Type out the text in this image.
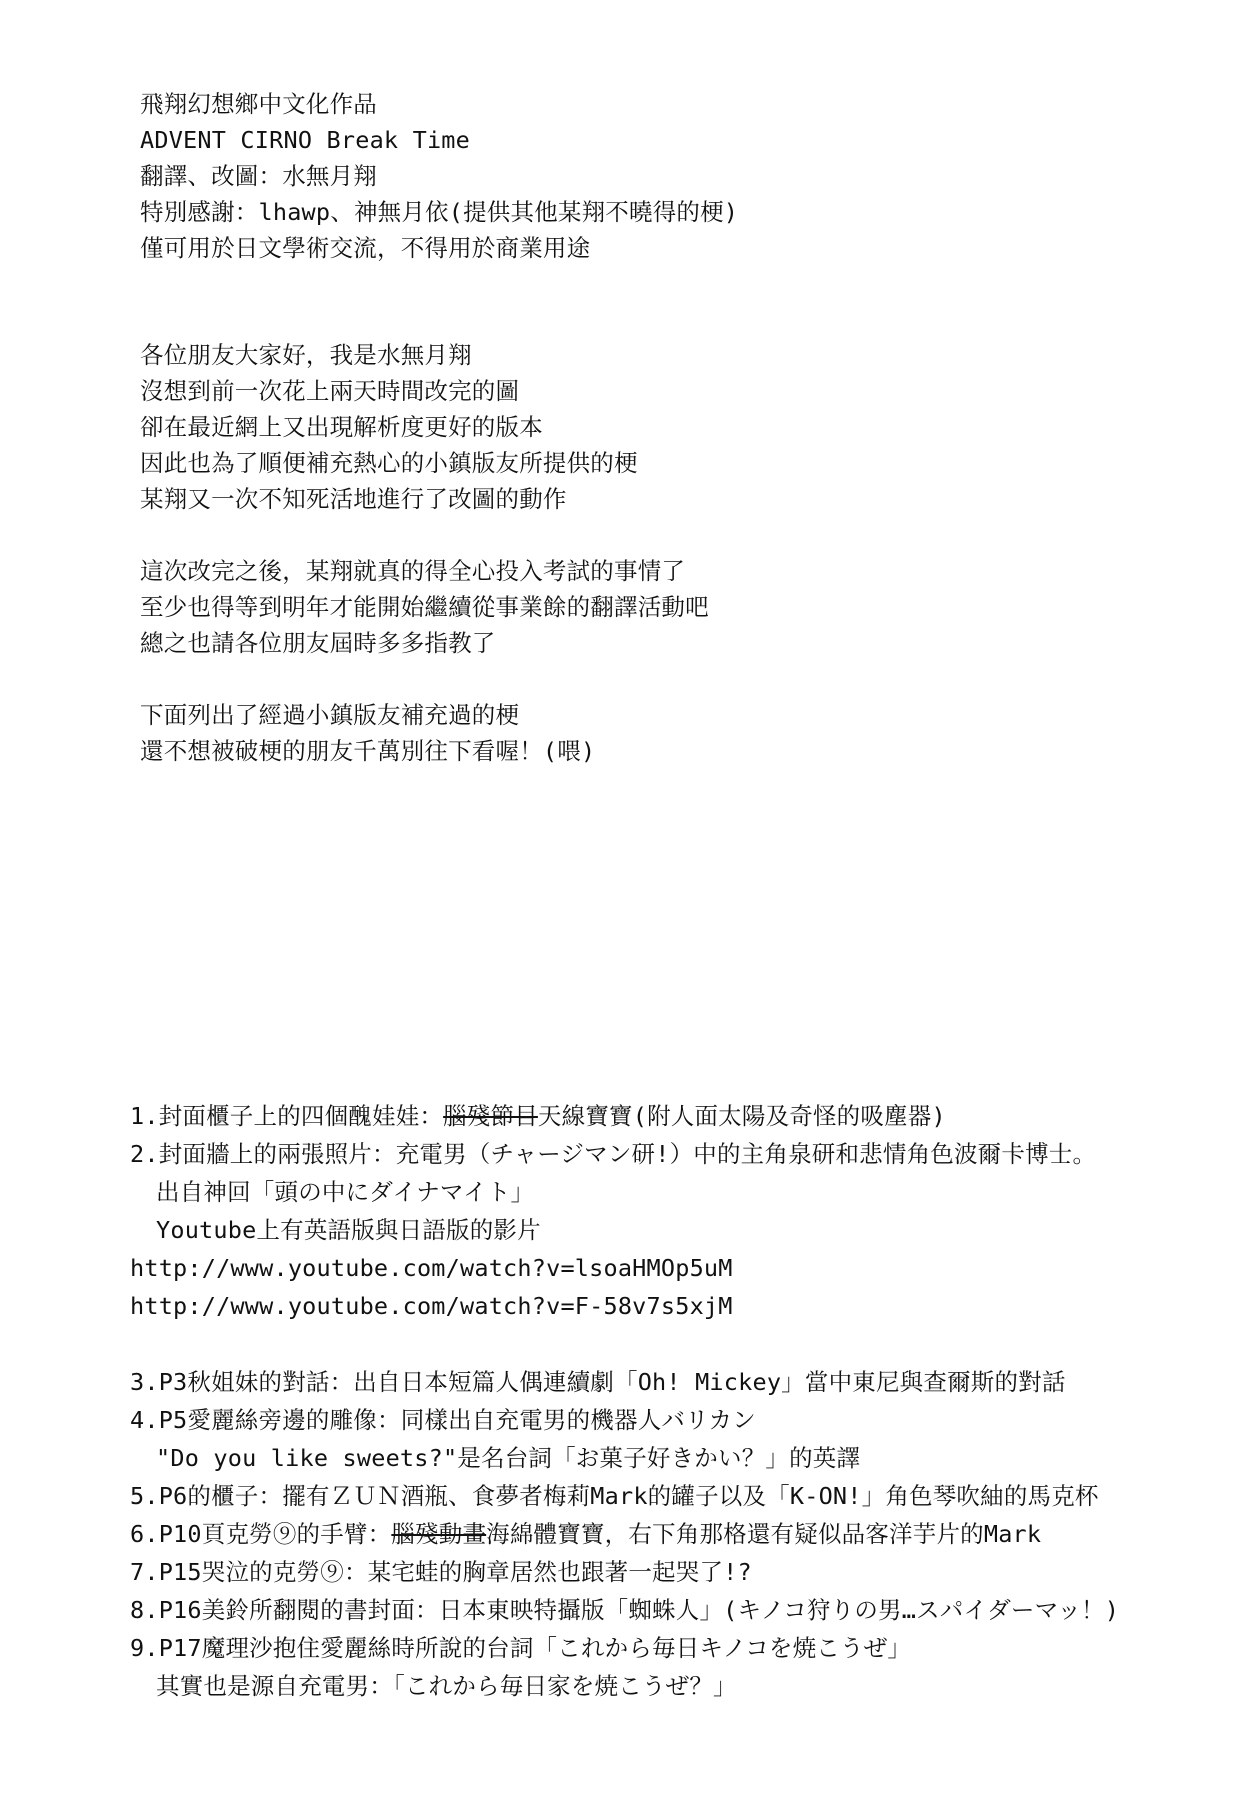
飛翔幻想鄉中文化作品
ADVENT CIRNO Break Time
翻譯、改圖：水無月翔
特別感謝：lhawp、神無月依(提供其他某翔不曉得的梗)
僅可用於日文學術交流，不得用於商業用途
各位朋友大家好，我是水無月翔
沒想到前一次花上兩天時間改完的圖
卻在最近網上又出現解析度更好的版本
因此也為了順便補充熱心的小鎮版友所提供的梗
某翔又一次不知死活地進行了改圖的動作
這次改完之後，某翔就真的得全心投入考試的事情了
至少也得等到明年才能開始繼續從事業餘的翻譯活動吧
總之也請各位朋友屆時多多指教了
下面列出了經過小鎮版友補充過的梗
還不想被破梗的朋友千萬別往下看喔！(喂)
1.封面櫃子上的四個醜娃娃：腦殘節目天線寶寶(附人面太陽及奇怪的吸塵器)
2.封面牆上的兩張照片：充電男（チャージマン研!）中的主角泉研和悲情角色波爾卡博士。
出自神回「頭の中にダイナマイト」
Youtube上有英語版與日語版的影片
http://www.youtube.com/watch?v=lsoaHMOp5uM
http://www.youtube.com/watch?v=F-58v7s5xjM
3.P3秋姐妹的對話：出自日本短篇人偶連續劇「Oh! Mickey」當中東尼與查爾斯的對話
4.P5愛麗絲旁邊的雕像：同樣出自充電男的機器人バリカン
"Do you like sweets?"是名台詞「お菓子好きかい？」的英譯
5.P6的櫃子：擺有ＺＵＮ酒瓶、食夢者梅莉Mark的罐子以及「K-ON!」角色琴吹紬的馬克杯
6.P10頁克勞⑨的手臂：腦殘動畫海綿體寶寶，右下角那格還有疑似品客洋芋片的Mark
7.P15哭泣的克勞⑨：某宅蛙的胸章居然也跟著一起哭了!?
8.P16美鈴所翻閱的書封面：日本東映特攝版「蜘蛛人」(キノコ狩りの男…スパイダーマッ！)
9.P17魔理沙抱住愛麗絲時所說的台詞「これから毎日キノコを焼こうぜ」
其實也是源自充電男：「これから毎日家を焼こうぜ？」
